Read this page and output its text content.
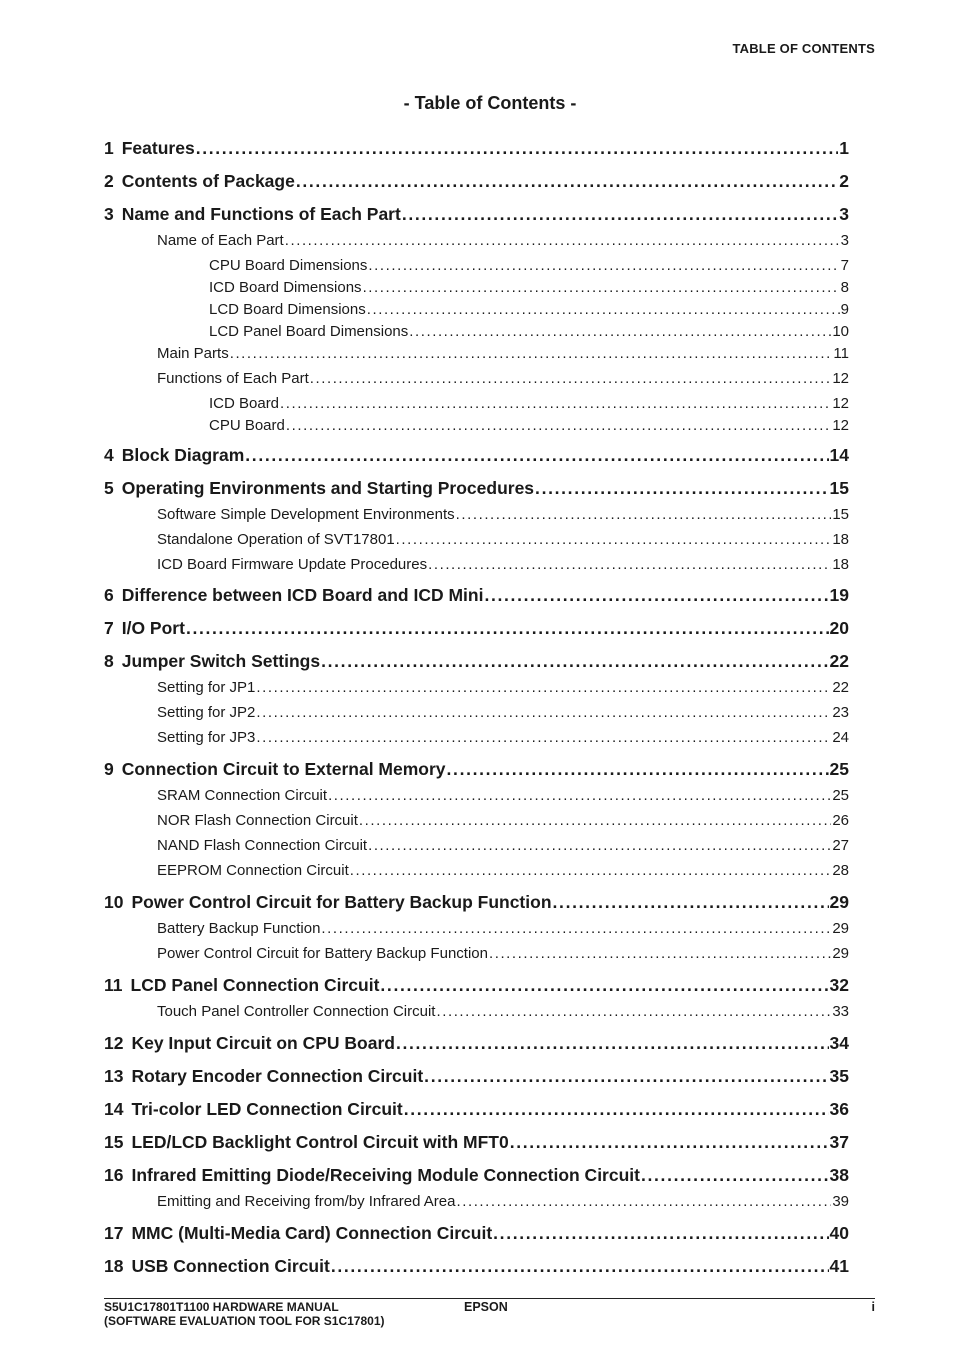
TABLE OF CONTENTS
- Table of Contents -
1 Features . . .	1
2 Contents of Package . . .	2
3 Name and Functions of Each Part . . .	3
Name of Each Part . . .	3
CPU Board Dimensions . . .	7
ICD Board Dimensions . . .	8
LCD Board Dimensions . . .	9
LCD Panel Board Dimensions . . .	10
Main Parts . . .	11
Functions of Each Part . . .	12
ICD Board . . .	12
CPU Board . . .	12
4 Block Diagram . . .	14
5 Operating Environments and Starting Procedures . . .	15
Software Simple Development Environments . . .	15
Standalone Operation of SVT17801 . . .	18
ICD Board Firmware Update Procedures . . .	18
6 Difference between ICD Board and ICD Mini . . .	19
7 I/O Port . . .	20
8 Jumper Switch Settings . . .	22
Setting for JP1 . . .	22
Setting for JP2 . . .	23
Setting for JP3 . . .	24
9 Connection Circuit to External Memory . . .	25
SRAM Connection Circuit . . .	25
NOR Flash Connection Circuit . . .	26
NAND Flash Connection Circuit . . .	27
EEPROM Connection Circuit . . .	28
10 Power Control Circuit for Battery Backup Function . . .	29
Battery Backup Function . . .	29
Power Control Circuit for Battery Backup Function . . .	29
11 LCD Panel Connection Circuit . . .	32
Touch Panel Controller Connection Circuit . . .	33
12 Key Input Circuit on CPU Board . . .	34
13 Rotary Encoder Connection Circuit . . .	35
14 Tri-color LED Connection Circuit . . .	36
15 LED/LCD Backlight Control Circuit with MFT0 . . .	37
16 Infrared Emitting Diode/Receiving Module Connection Circuit . . .	38
Emitting and Receiving from/by Infrared Area . . .	39
17 MMC (Multi-Media Card) Connection Circuit . . .	40
18 USB Connection Circuit . . .	41
S5U1C17801T1100 HARDWARE MANUAL
(SOFTWARE EVALUATION TOOL FOR S1C17801)
EPSON	i
